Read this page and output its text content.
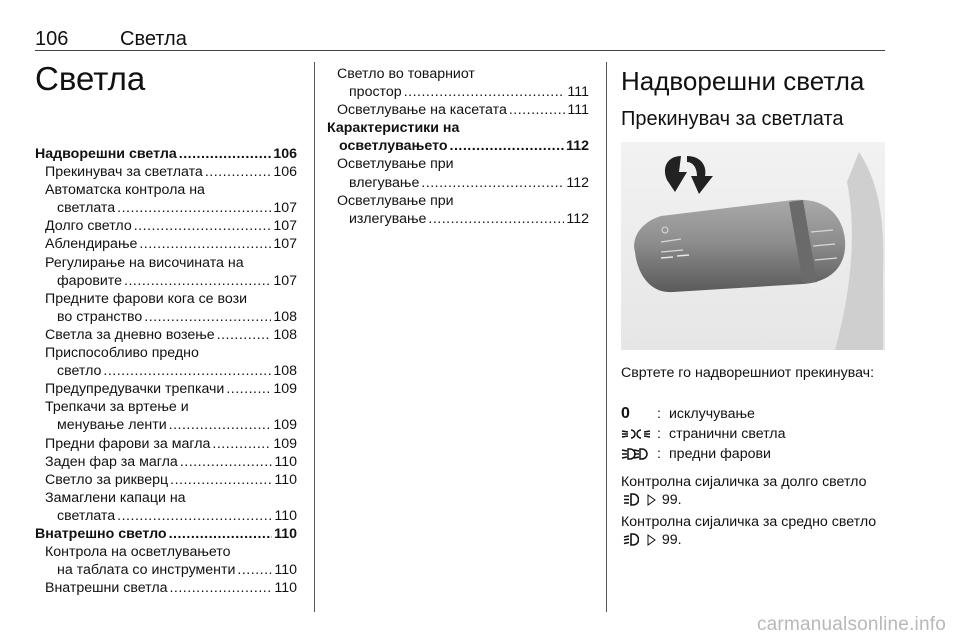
106	Светла
Светла
Надворешни светла .....	106
Прекинувач за светлата .....	106
Автоматска контрола на
светлата .....	107
Долго светло .....	107
Аблендирање .....	107
Регулирање на височината на
фаровите .....	107
Предните фарови кога се вози
во странство .....	108
Светла за дневно возење .....	108
Приспособливо предно
светло .....	108
Предупредувачки трепкачи .....	109
Трепкачи за вртење и
менување ленти .....	109
Предни фарови за магла .....	109
Заден фар за магла .....	110
Светло за рикверц .....	110
Замаглени капаци на
светлата .....	110
Внатрешно светло .....	110
Контрола на осветлувањето
на таблата со инструменти .....	110
Внатрешни светла .....	110
Светло во товарниот
простор .....	111
Осветлување на касетата .....	111
Карактеристики на
осветлувањето .....	112
Осветлување при
влегување .....	112
Осветлување при
излегување .....	112
Надворешни светла
Прекинувач за светлата
Свртете го надворешниот прекинувач:
0	: исклучување
: странични светла
: предни фарови
Контролна сијаличка за долго светло   99.
Контролна сијаличка за средно светло   99.
carmanualsonline.info
